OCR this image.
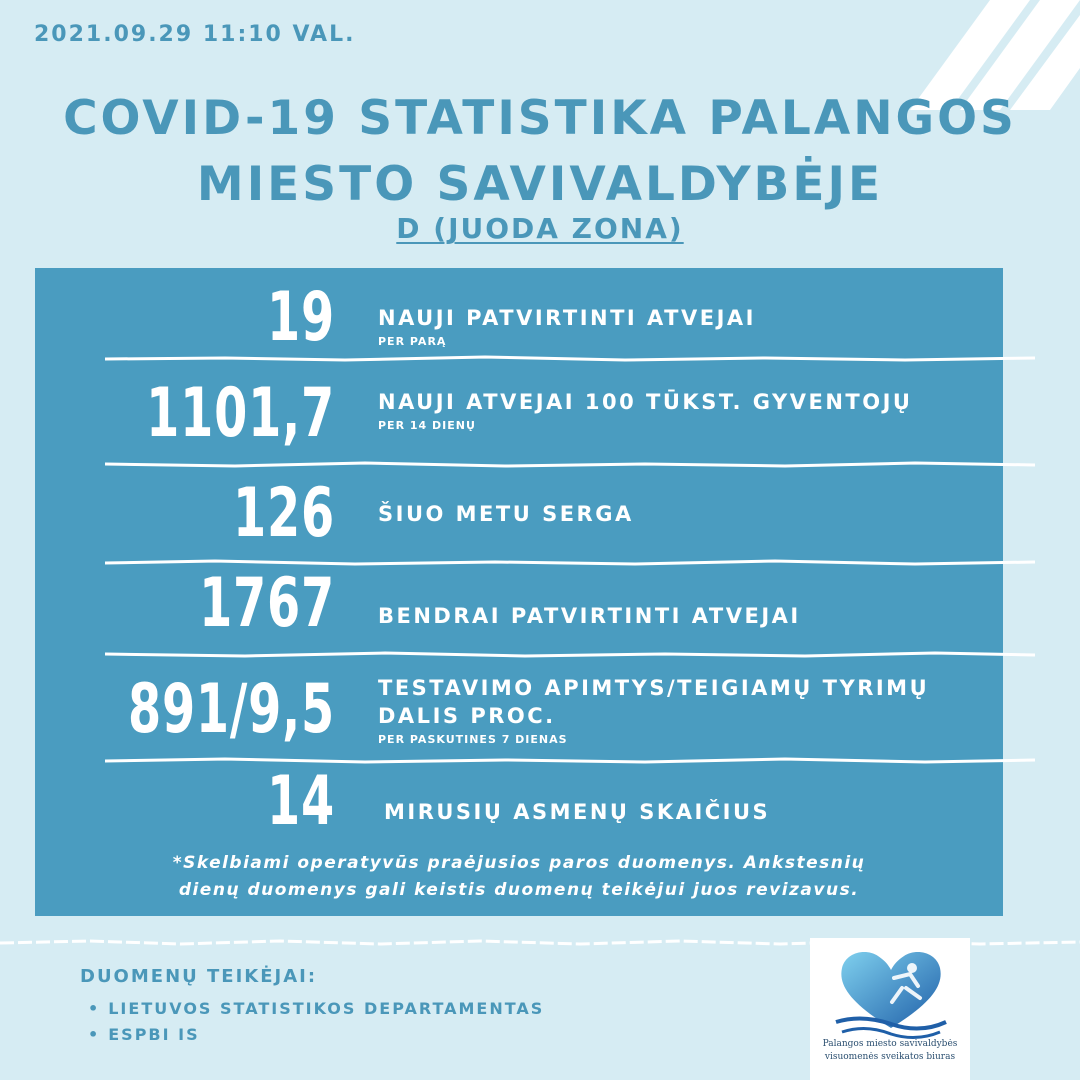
2021.09.29 11:10 VAL.
COVID-19 STATISTIKA PALANGOS
MIESTO SAVIVALDYBĖJE
D (JUODA ZONA)
19 NAUJI PATVIRTINTI ATVEJAI
PER PARĄ
1101,7 NAUJI ATVEJAI 100 TŪKST. GYVENTOJŲ
PER 14 DIENŲ
126 ŠIUO METU SERGA
1767 BENDRAI PATVIRTINTI ATVEJAI
891/9,5 TESTAVIMO APIMTYS/TEIGIAMŲ TYRIMŲ
DALIS PROC.
PER PASKUTINES 7 DIENAS
14 MIRUSIŲ ASMENŲ SKAIČIUS
*Skelbiami operatyvūs praėjusios paros duomenys. Ankstesnių
dienų duomenys gali keistis duomenų teikėjui juos revizavus.
DUOMENŲ TEIKĖJAI:
• LIETUVOS STATISTIKOS DEPARTAMENTAS
• ESPBI IS	Palangos miesto savivaldybės
visuomenės sveikatos biuras
